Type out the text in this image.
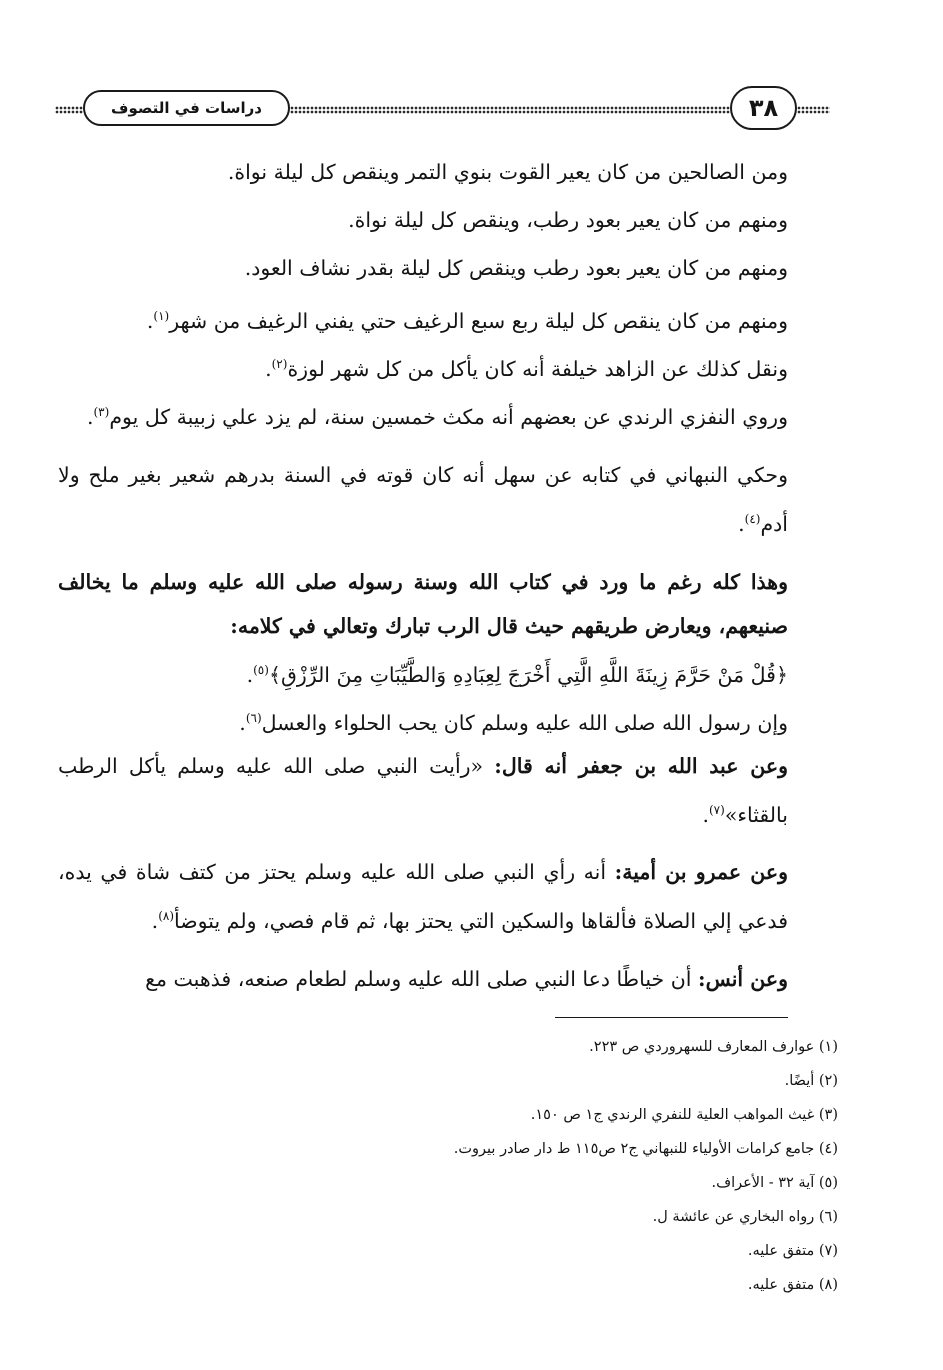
دراسات في التصوف	٣٨
ومن الصالحين من كان يعير القوت بنوي التمر وينقص كل ليلة نواة.
ومنهم من كان يعير بعود رطب، وينقص كل ليلة نواة.
ومنهم من كان يعير بعود رطب وينقص كل ليلة بقدر نشاف العود.
ومنهم من كان ينقص كل ليلة ربع سبع الرغيف حتي يفني الرغيف من شهر$^{(١)}$.
ونقل كذلك عن الزاهد خيلفة أنه كان يأكل من كل شهر لوزة$^{(٢)}$.
وروي النفزي الرندي عن بعضهم أنه مكث خمسين سنة، لم يزد علي زبيبة كل يوم$^{(٣)}$.
وحكي النبهاني في كتابه عن سهل أنه كان قوته في السنة بدرهم شعير بغير ملح ولا أدم$^{(٤)}$.
وهذا كله رغم ما ورد في كتاب الله وسنة رسوله صلى الله عليه وسلم ما يخالف صنيعهم، ويعارض طريقهم حيث قال الرب تبارك وتعالي في كلامه:
﴿قُلْ مَنْ حَرَّمَ زِينَةَ اللَّهِ الَّتِي أَخْرَجَ لِعِبَادِهِ وَالطَّيِّبَاتِ مِنَ الرِّزْقِ﴾$^{(٥)}$.
وإن رسول الله صلى الله عليه وسلم كان يحب الحلواء والعسل$^{(٦)}$.
وعن عبد الله بن جعفر أنه قال: «رأيت النبي صلى الله عليه وسلم يأكل الرطب بالقثاء»$^{(٧)}$.
وعن عمرو بن أمية: أنه رأي النبي صلى الله عليه وسلم يحتز من كتف شاة في يده، فدعي إلي الصلاة فألقاها والسكين التي يحتز بها، ثم قام فصي، ولم يتوضأ$^{(٨)}$.
وعن أنس: أن خياطًا دعا النبي صلى الله عليه وسلم لطعام صنعه، فذهبت مع
(١) عوارف المعارف للسهروردي ص ٢٢٣.
(٢) أيضًا.
(٣) غيث المواهب العلية للنفري الرندي ج١ ص ١٥٠.
(٤) جامع كرامات الأولياء للنبهاني ج٢ ص١١٥ ط دار صادر بيروت.
(٥) آية ٣٢ - الأعراف.
(٦) رواه البخاري عن عائشة ل.
(٧) متفق عليه.
(٨) متفق عليه.
